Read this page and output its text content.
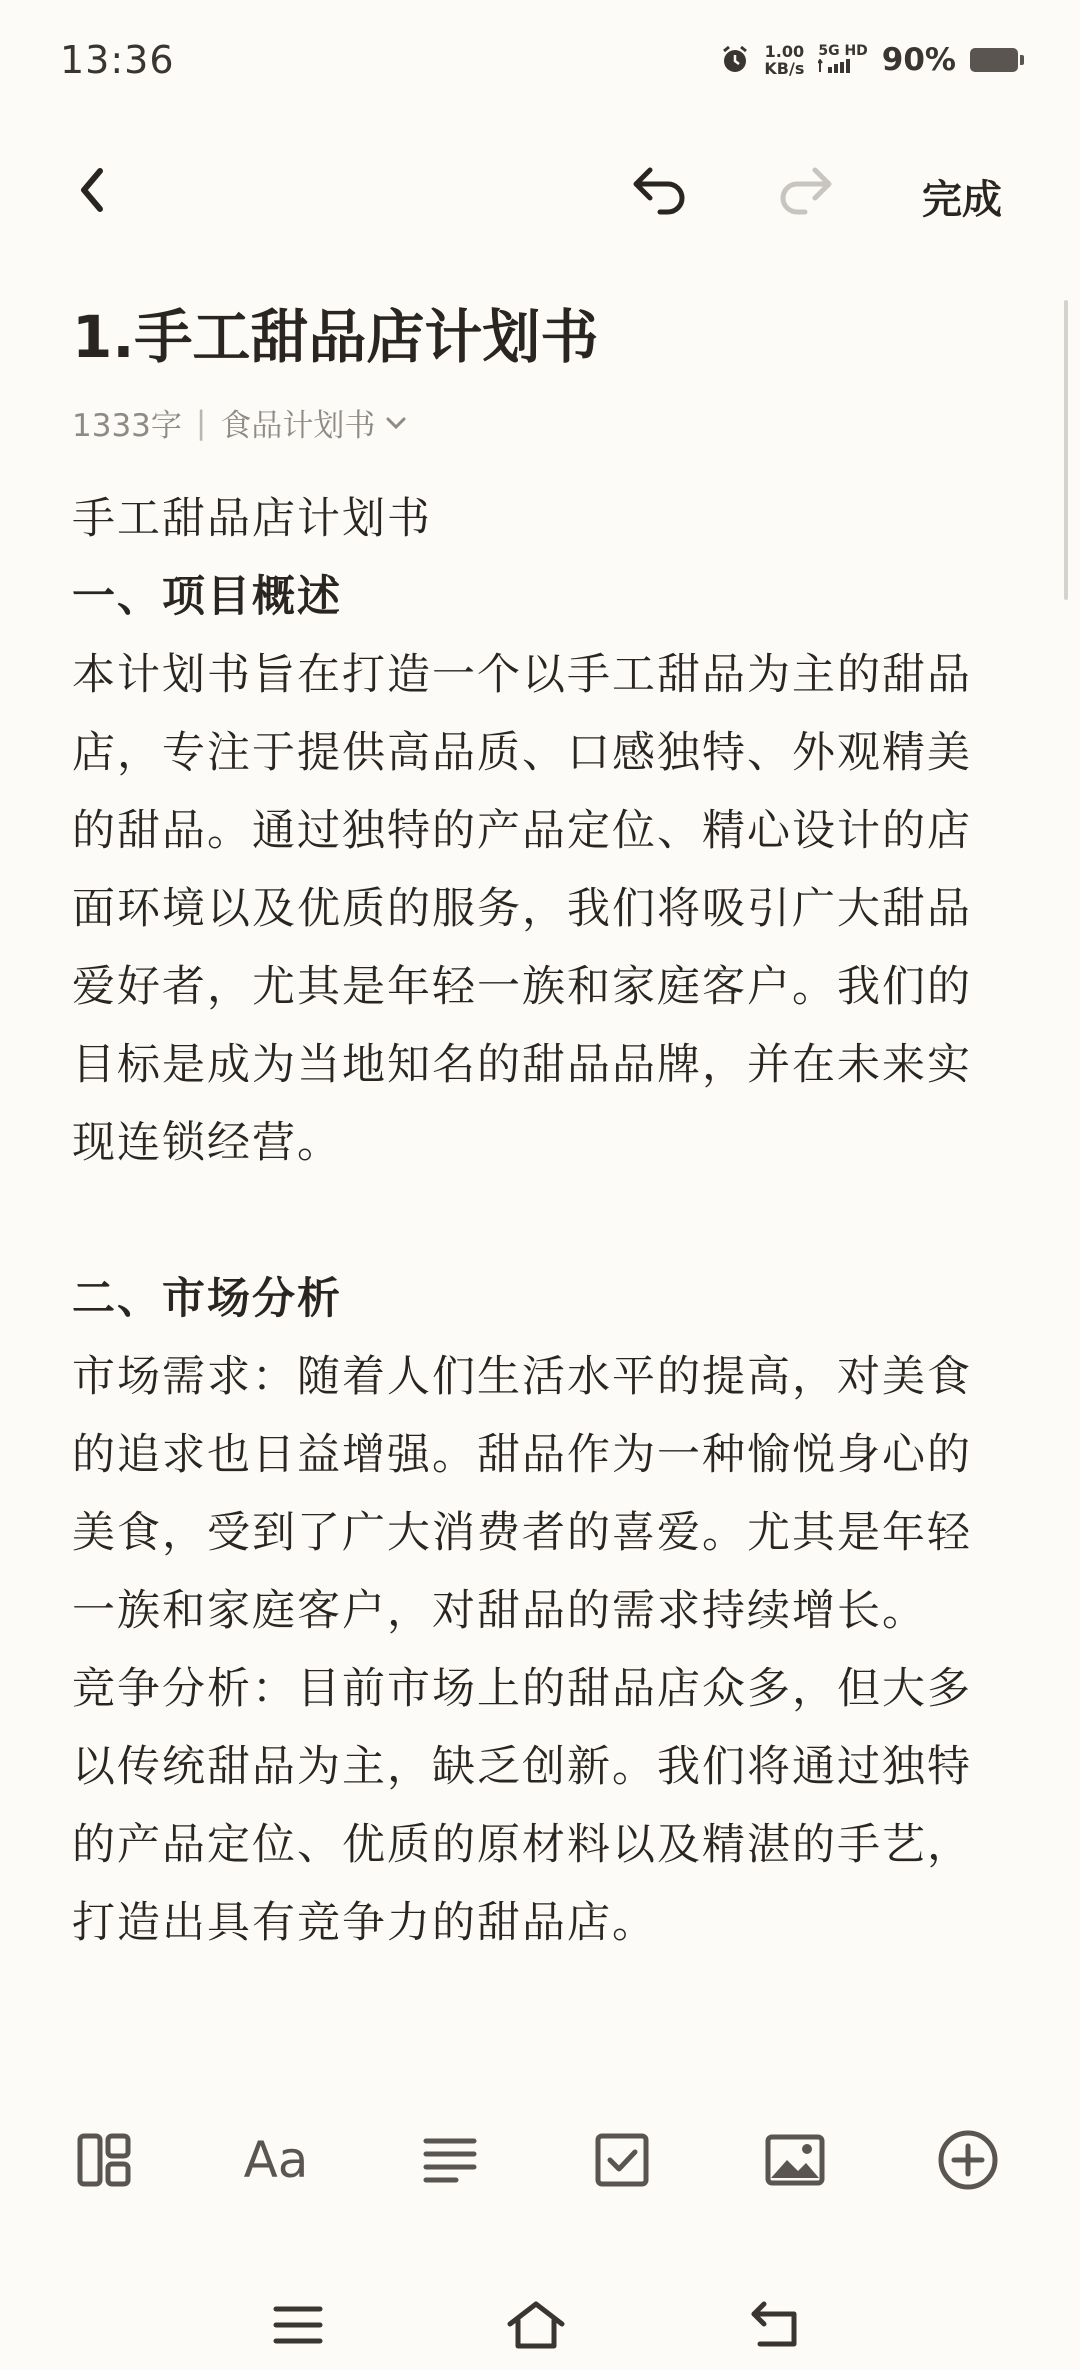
13:36	1.00
KB/s
5G HD 90%
完成
1.手工甜品店计划书
1333字 | 食品计划书

手工甜品店计划书

一、项目概述

本计划书旨在打造一个以手工甜品为主的甜品店，专注于提供高品质、口感独特、外观精美的甜品。通过独特的产品定位、精心设计的店面环境以及优质的服务，我们将吸引广大甜品爱好者，尤其是年轻一族和家庭客户。我们的目标是成为当地知名的甜品品牌，并在未来实现连锁经营。

二、市场分析

市场需求：随着人们生活水平的提高，对美食的追求也日益增强。甜品作为一种愉悦身心的美食，受到了广大消费者的喜爱。尤其是年轻一族和家庭客户，对甜品的需求持续增长。

竞争分析：目前市场上的甜品店众多，但大多以传统甜品为主，缺乏创新。我们将通过独特的产品定位、优质的原材料以及精湛的手艺，打造出具有竞争力的甜品店。

Aa
